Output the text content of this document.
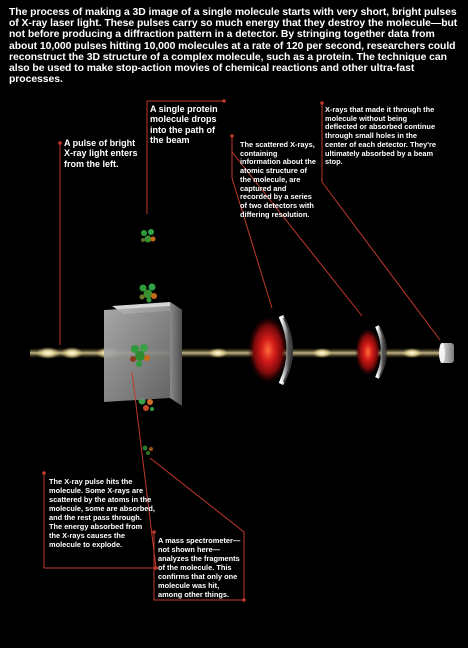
The process of making a 3D image of a single molecule starts with very short, bright pulses of X-ray laser light. These pulses carry so much energy that they destroy the molecule—but not before producing a diffraction pattern in a detector. By stringing together data from about 10,000 pulses hitting 10,000 molecules at a rate of 120 per second, researchers could reconstruct the 3D structure of a complex molecule, such as a protein. The technique can also be used to make stop-action movies of chemical reactions and other ultra-fast processes.

A pulse of bright X-ray light enters from the left.

A single protein molecule drops into the path of the beam	The scattered X-rays, containing information about the atomic structure of the molecule, are captured and recorded by a series of two detectors with differing resolution.

X-rays that made it through the molecule without being deflected or absorbed continue through small holes in the center of each detector. They're ultimately absorbed by a beam stop.

The X-ray pulse hits the molecule. Some X-rays are scattered by the atoms in the molecule, some are absorbed, and the rest pass through. The energy absorbed from the X-rays causes the molecule to explode.	A mass spectrometer—not shown here—analyzes the fragments of the molecule. This confirms that only one molecule was hit, among other things.
